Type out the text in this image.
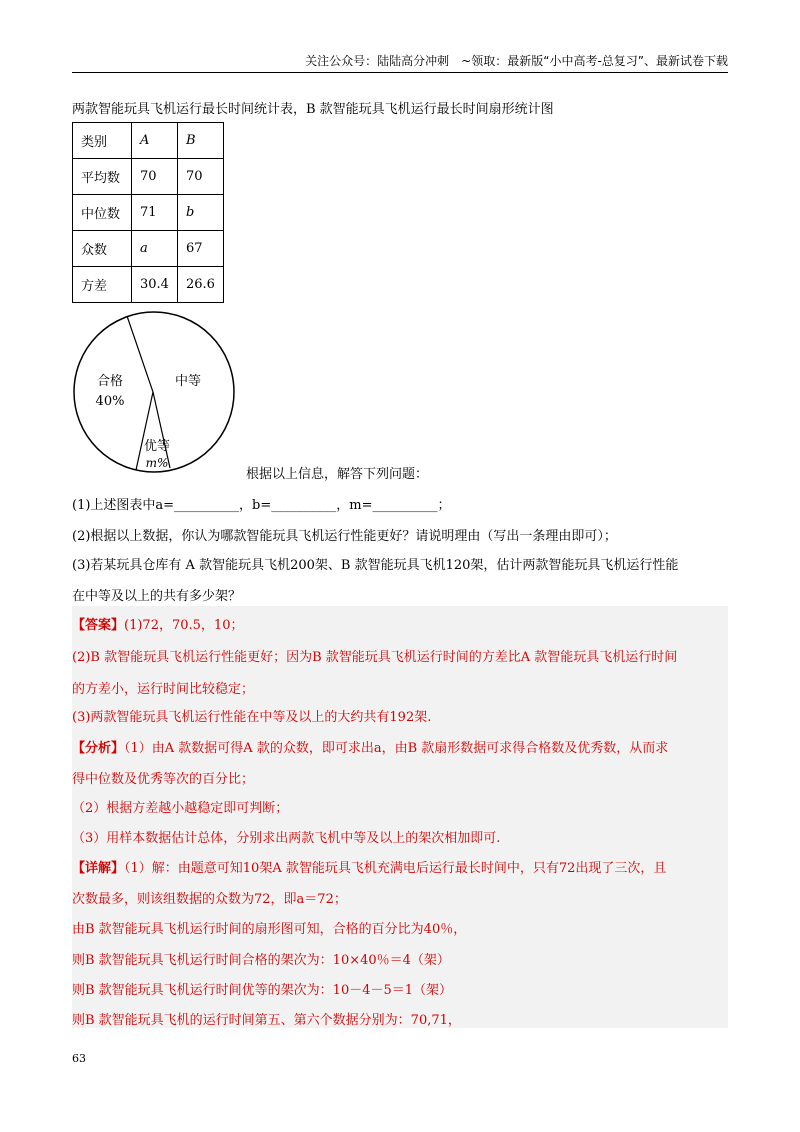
关注公众号：陆陆高分冲刺　~领取：最新版“小中高考-总复习”、最新试卷下载
两款智能玩具飞机运行最长时间统计表，B 款智能玩具飞机运行最长时间扇形统计图
类别	A	B
平均数	70	70
中位数	71	b
众数	a	67
方差	30.4	26.6
合格
40%
中等
优等
m%
根据以上信息，解答下列问题：
(1)上述图表中a=__________，b=__________，m=__________；
(2)根据以上数据，你认为哪款智能玩具飞机运行性能更好？请说明理由（写出一条理由即可）；
(3)若某玩具仓库有 A 款智能玩具飞机200架、B 款智能玩具飞机120架，估计两款智能玩具飞机运行性能
在中等及以上的共有多少架？
【答案】(1)72，70.5，10；
(2)B 款智能玩具飞机运行性能更好；因为B 款智能玩具飞机运行时间的方差比A 款智能玩具飞机运行时间
的方差小，运行时间比较稳定；
(3)两款智能玩具飞机运行性能在中等及以上的大约共有192架.
【分析】（1）由A 款数据可得A 款的众数，即可求出a，由B 款扇形数据可求得合格数及优秀数，从而求
得中位数及优秀等次的百分比；
（2）根据方差越小越稳定即可判断；
（3）用样本数据估计总体，分别求出两款飞机中等及以上的架次相加即可.
【详解】（1）解：由题意可知10架A 款智能玩具飞机充满电后运行最长时间中，只有72出现了三次，且
次数最多，则该组数据的众数为72，即a＝72；
由B 款智能玩具飞机运行时间的扇形图可知，合格的百分比为40％，
则B 款智能玩具飞机运行时间合格的架次为：10×40％＝4（架）
则B 款智能玩具飞机运行时间优等的架次为：10－4－5＝1（架）
则B 款智能玩具飞机的运行时间第五、第六个数据分别为：70,71，
63
